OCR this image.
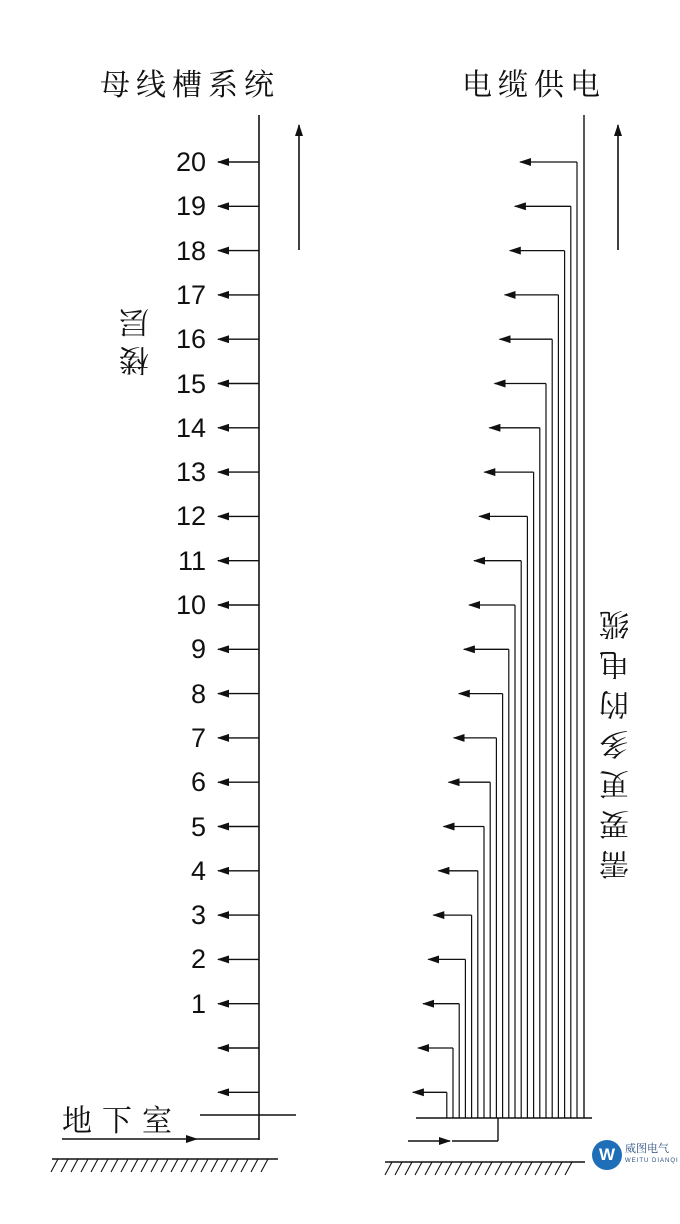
母线槽系统	电缆供电
楼层
需要更多的电缆
地下室
20
19
18
17
16
15
14
13
12
11
10
9
8
7
6
5
4
3
2
1
W 威图电气
WEITU DIANQI
